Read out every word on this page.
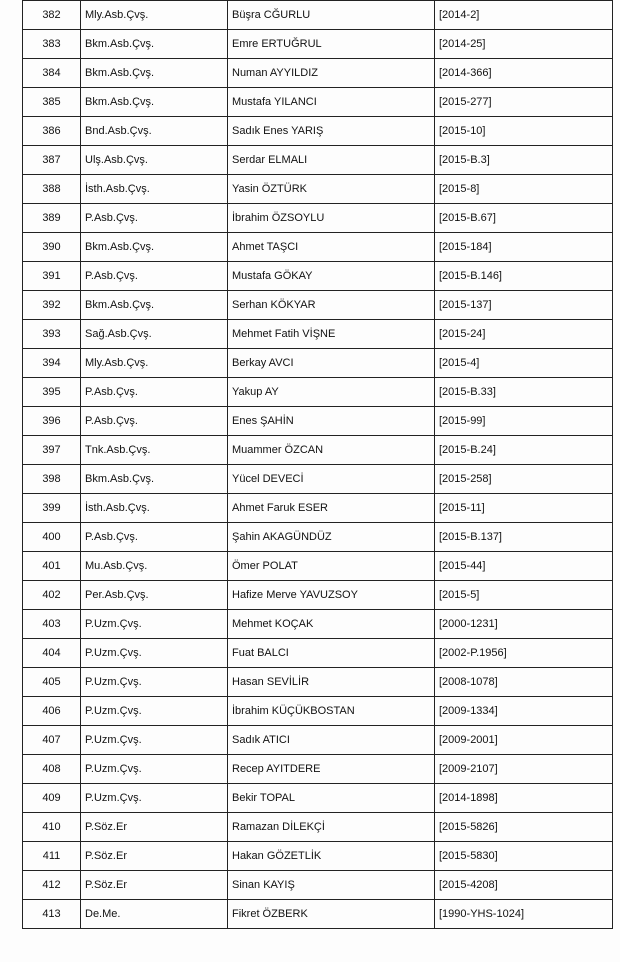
382	Mly.Asb.Çvş.	Büşra CĞURLU	[2014-2]
383	Bkm.Asb.Çvş.	Emre ERTUĞRUL	[2014-25]
384	Bkm.Asb.Çvş.	Numan AYYILDIZ	[2014-366]
385	Bkm.Asb.Çvş.	Mustafa YILANCI	[2015-277]
386	Bnd.Asb.Çvş.	Sadık Enes YARIŞ	[2015-10]
387	Ulş.Asb.Çvş.	Serdar ELMALI	[2015-B.3]
388	İsth.Asb.Çvş.	Yasin ÖZTÜRK	[2015-8]
389	P.Asb.Çvş.	İbrahim ÖZSOYLU	[2015-B.67]
390	Bkm.Asb.Çvş.	Ahmet TAŞCI	[2015-184]
391	P.Asb.Çvş.	Mustafa GÖKAY	[2015-B.146]
392	Bkm.Asb.Çvş.	Serhan KÖKYAR	[2015-137]
393	Sağ.Asb.Çvş.	Mehmet Fatih VİŞNE	[2015-24]
394	Mly.Asb.Çvş.	Berkay AVCI	[2015-4]
395	P.Asb.Çvş.	Yakup AY	[2015-B.33]
396	P.Asb.Çvş.	Enes ŞAHİN	[2015-99]
397	Tnk.Asb.Çvş.	Muammer ÖZCAN	[2015-B.24]
398	Bkm.Asb.Çvş.	Yücel DEVECİ	[2015-258]
399	İsth.Asb.Çvş.	Ahmet Faruk ESER	[2015-11]
400	P.Asb.Çvş.	Şahin AKAGÜNDÜZ	[2015-B.137]
401	Mu.Asb.Çvş.	Ömer POLAT	[2015-44]
402	Per.Asb.Çvş.	Hafize Merve YAVUZSOY	[2015-5]
403	P.Uzm.Çvş.	Mehmet KOÇAK	[2000-1231]
404	P.Uzm.Çvş.	Fuat BALCI	[2002-P.1956]
405	P.Uzm.Çvş.	Hasan SEVİLİR	[2008-1078]
406	P.Uzm.Çvş.	İbrahim KÜÇÜKBOSTAN	[2009-1334]
407	P.Uzm.Çvş.	Sadık ATICI	[2009-2001]
408	P.Uzm.Çvş.	Recep AYITDERE	[2009-2107]
409	P.Uzm.Çvş.	Bekir TOPAL	[2014-1898]
410	P.Söz.Er	Ramazan DİLEKÇİ	[2015-5826]
411	P.Söz.Er	Hakan GÖZETLİK	[2015-5830]
412	P.Söz.Er	Sinan KAYIŞ	[2015-4208]
413	De.Me.	Fikret ÖZBERK	[1990-YHS-1024]
